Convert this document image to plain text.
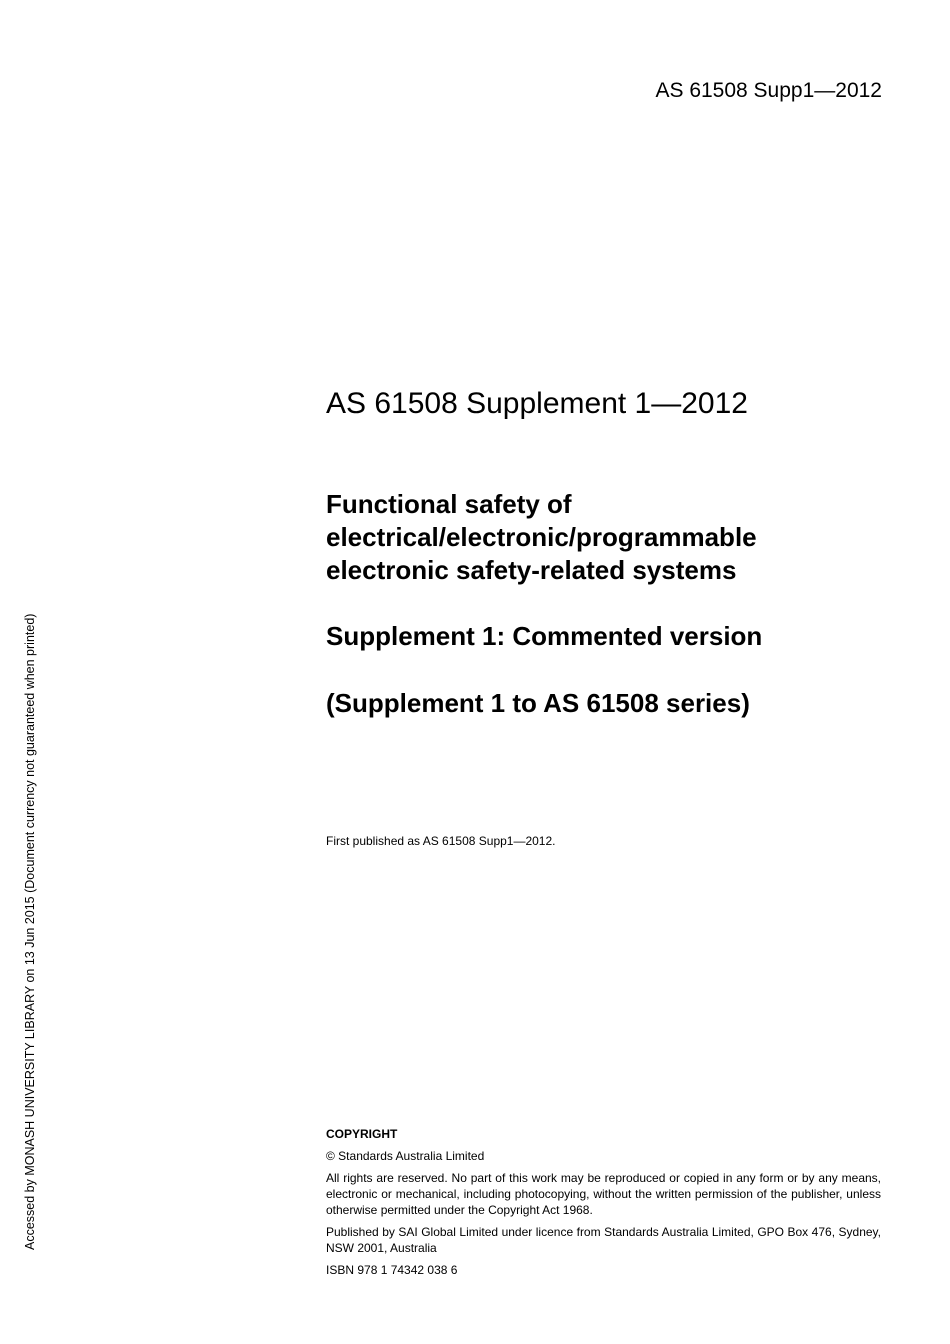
AS 61508 Supp1—2012
Accessed by MONASH UNIVERSITY LIBRARY on 13 Jun 2015 (Document currency not guaranteed when printed)
AS 61508 Supplement 1—2012
Functional safety of
electrical/electronic/programmable
electronic safety-related systems
Supplement 1: Commented version
(Supplement 1 to AS 61508 series)
First published as AS 61508 Supp1—2012.

COPYRIGHT

© Standards Australia Limited

All rights are reserved. No part of this work may be reproduced or copied in any form or by any means, electronic or mechanical, including photocopying, without the written permission of the publisher, unless otherwise permitted under the Copyright Act 1968.

Published by SAI Global Limited under licence from Standards Australia Limited, GPO Box 476, Sydney, NSW 2001, Australia

ISBN 978 1 74342 038 6
